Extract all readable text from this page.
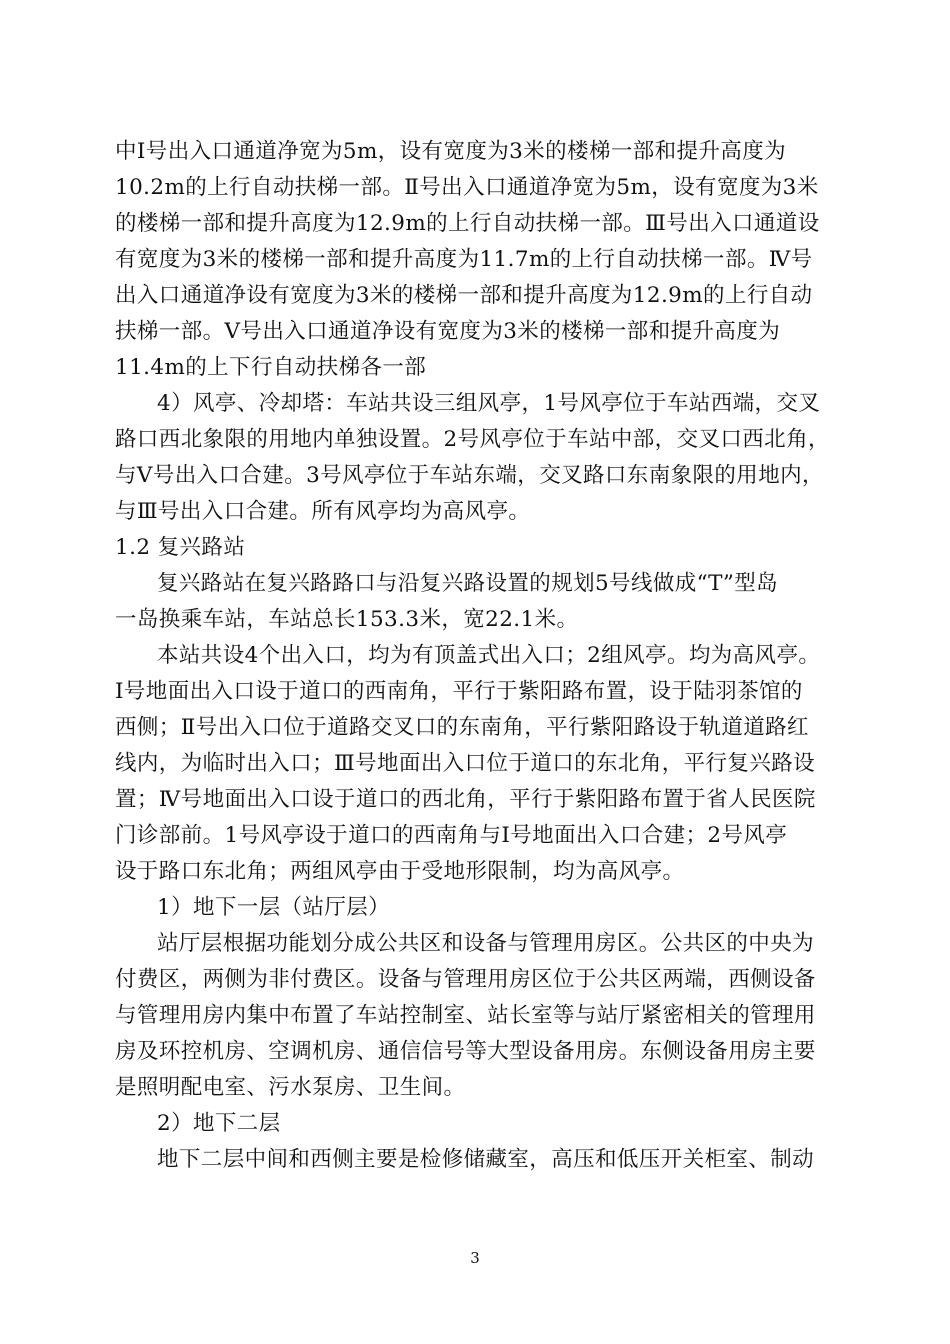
中Ⅰ号出入口通道净宽为5m，设有宽度为3米的楼梯一部和提升高度为
10.2m的上行自动扶梯一部。Ⅱ号出入口通道净宽为5m，设有宽度为3米
的楼梯一部和提升高度为12.9m的上行自动扶梯一部。Ⅲ号出入口通道设
有宽度为3米的楼梯一部和提升高度为11.7m的上行自动扶梯一部。Ⅳ号
出入口通道净设有宽度为3米的楼梯一部和提升高度为12.9m的上行自动
扶梯一部。Ⅴ号出入口通道净设有宽度为3米的楼梯一部和提升高度为
11.4m的上下行自动扶梯各一部
4）风亭、冷却塔：车站共设三组风亭，1号风亭位于车站西端，交叉
路口西北象限的用地内单独设置。2号风亭位于车站中部，交叉口西北角，
与Ⅴ号出入口合建。3号风亭位于车站东端，交叉路口东南象限的用地内，
与Ⅲ号出入口合建。所有风亭均为高风亭。
1.2 复兴路站
复兴路站在复兴路路口与沿复兴路设置的规划5号线做成“T”型岛
一岛换乘车站，车站总长153.3米，宽22.1米。
本站共设4个出入口，均为有顶盖式出入口；2组风亭。均为高风亭。
Ⅰ号地面出入口设于道口的西南角，平行于紫阳路布置，设于陆羽茶馆的
西侧；Ⅱ号出入口位于道路交叉口的东南角，平行紫阳路设于轨道道路红
线内，为临时出入口；Ⅲ号地面出入口位于道口的东北角，平行复兴路设
置；Ⅳ号地面出入口设于道口的西北角，平行于紫阳路布置于省人民医院
门诊部前。1号风亭设于道口的西南角与Ⅰ号地面出入口合建；2号风亭
设于路口东北角；两组风亭由于受地形限制，均为高风亭。
1）地下一层（站厅层）
站厅层根据功能划分成公共区和设备与管理用房区。公共区的中央为
付费区，两侧为非付费区。设备与管理用房区位于公共区两端，西侧设备
与管理用房内集中布置了车站控制室、站长室等与站厅紧密相关的管理用
房及环控机房、空调机房、通信信号等大型设备用房。东侧设备用房主要
是照明配电室、污水泵房、卫生间。
2）地下二层
地下二层中间和西侧主要是检修储藏室，高压和低压开关柜室、制动
3
